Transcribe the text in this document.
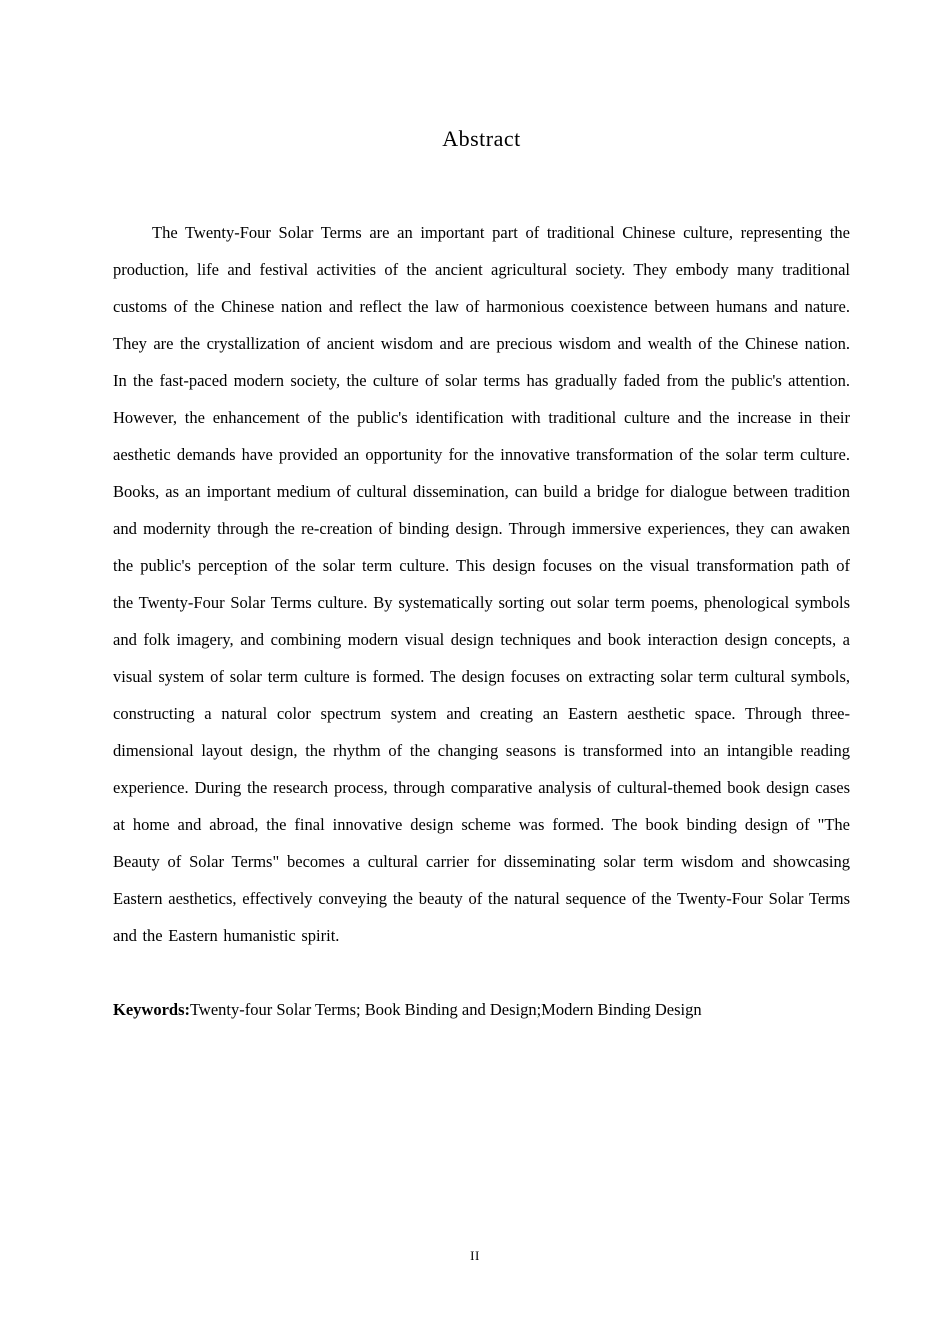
Abstract

The Twenty-Four Solar Terms are an important part of traditional Chinese culture, representing the production, life and festival activities of the ancient agricultural society. They embody many traditional customs of the Chinese nation and reflect the law of harmonious coexistence between humans and nature. They are the crystallization of ancient wisdom and are precious wisdom and wealth of the Chinese nation. In the fast-paced modern society, the culture of solar terms has gradually faded from the public's attention. However, the enhancement of the public's identification with traditional culture and the increase in their aesthetic demands have provided an opportunity for the innovative transformation of the solar term culture. Books, as an important medium of cultural dissemination, can build a bridge for dialogue between tradition and modernity through the re-creation of binding design. Through immersive experiences, they can awaken the public's perception of the solar term culture. This design focuses on the visual transformation path of the Twenty-Four Solar Terms culture. By systematically sorting out solar term poems, phenological symbols and folk imagery, and combining modern visual design techniques and book interaction design concepts, a visual system of solar term culture is formed. The design focuses on extracting solar term cultural symbols, constructing a natural color spectrum system and creating an Eastern aesthetic space. Through three-dimensional layout design, the rhythm of the changing seasons is transformed into an intangible reading experience. During the research process, through comparative analysis of cultural-themed book design cases at home and abroad, the final innovative design scheme was formed. The book binding design of "The Beauty of Solar Terms" becomes a cultural carrier for disseminating solar term wisdom and showcasing Eastern aesthetics, effectively conveying the beauty of the natural sequence of the Twenty-Four Solar Terms and the Eastern humanistic spirit.

Keywords:Twenty-four Solar Terms; Book Binding and Design;Modern Binding Design

II
